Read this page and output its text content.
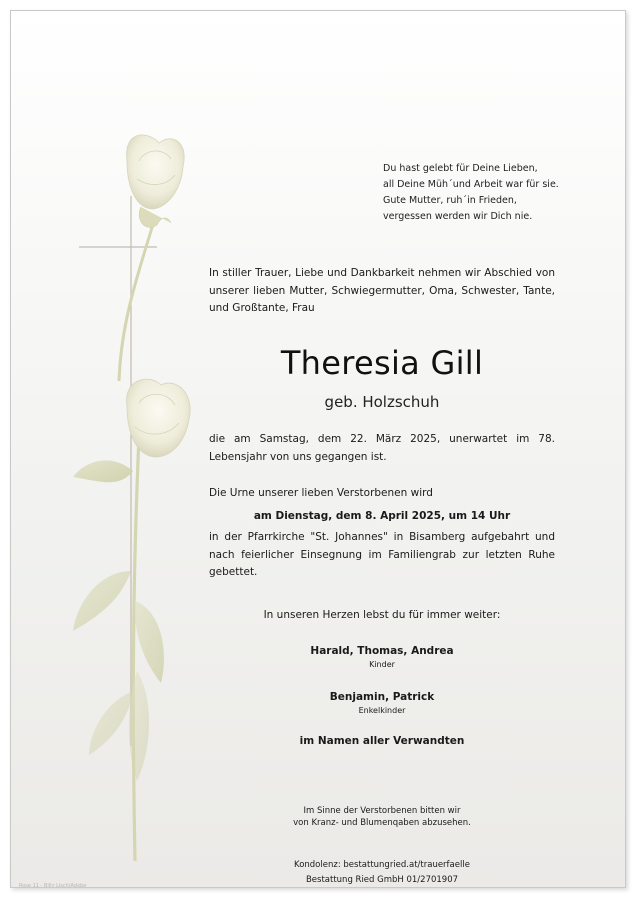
Du hast gelebt für Deine Lieben,
all Deine Müh´und Arbeit war für sie.
Gute Mutter, ruh´in Frieden,
vergessen werden wir Dich nie.
In stiller Trauer, Liebe und Dankbarkeit nehmen wir Abschied von unserer lieben Mutter, Schwiegermutter, Oma, Schwester, Tante, und Großtante, Frau
Theresia Gill
geb. Holzschuh
die am Samstag, dem 22. März 2025, unerwartet im 78. Lebensjahr von uns gegangen ist.
Die Urne unserer lieben Verstorbenen wird
am Dienstag, dem 8. April 2025, um 14 Uhr
in der Pfarrkirche "St. Johannes" in Bisamberg aufgebahrt und nach feierlicher Einsegnung im Familiengrab zur letzten Ruhe gebettet.
In unseren Herzen lebst du für immer weiter:
Harald, Thomas, Andrea
Kinder
Benjamin, Patrick
Enkelkinder
im Namen aller Verwandten
Im Sinne der Verstorbenen bitten wir
von Kranz- und Blumenqaben abzusehen.
Kondolenz: bestattungried.at/trauerfaelle
Bestattung Ried GmbH 01/2701907
Rose 11 - Billy Lisch/Adobe
